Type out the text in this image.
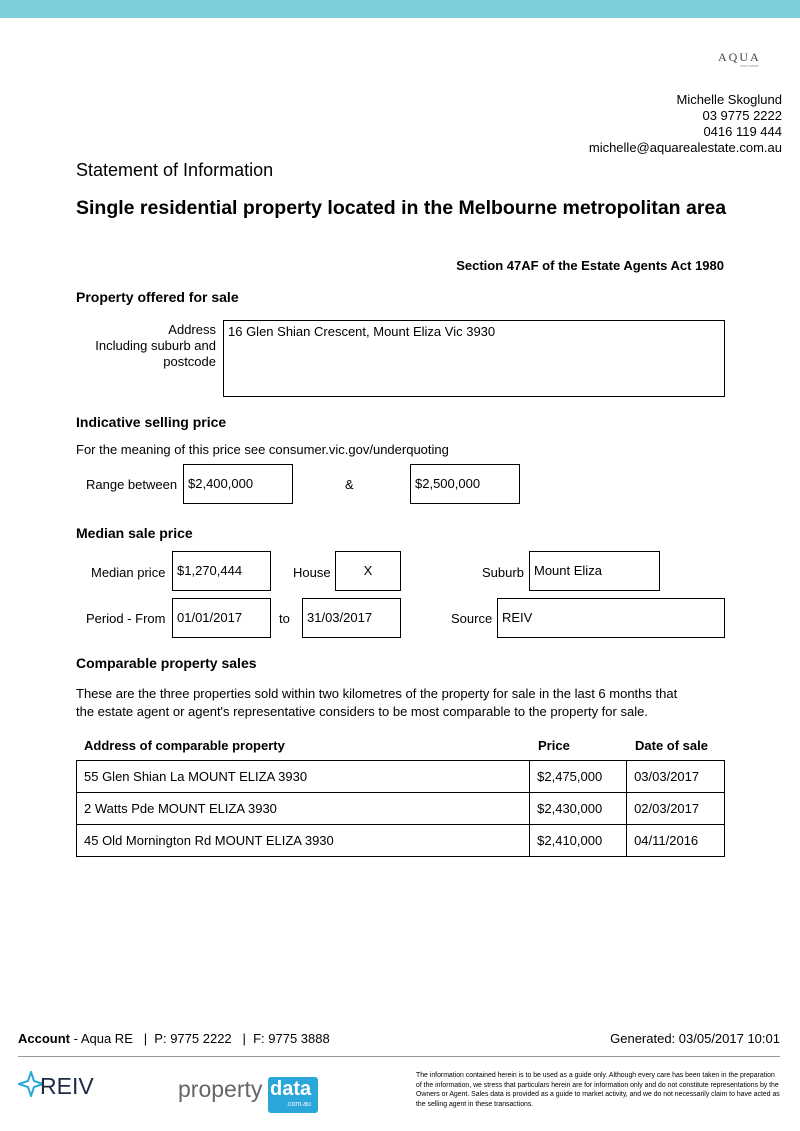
AQUA
real estate
Michelle Skoglund
03 9775 2222
0416 119 444
michelle@aquarealestate.com.au
Statement of Information
Single residential property located in the Melbourne metropolitan area
Section 47AF of the Estate Agents Act 1980
Property offered for sale
Address
Including suburb and
postcode
16 Glen Shian Crescent, Mount Eliza Vic 3930
Indicative selling price
For the meaning of this price see consumer.vic.gov/underquoting
Range between $2,400,000	&	$2,500,000
Median sale price
Median price $1,270,444	House	X	Suburb Mount Eliza
Period - From 01/01/2017	to	31/03/2017	Source REIV
Comparable property sales
These are the three properties sold within two kilometres of the property for sale in the last 6 months that
the estate agent or agent's representative considers to be most comparable to the property for sale.
Address of comparable property	Price	Date of sale
55 Glen Shian La MOUNT ELIZA 3930	$2,475,000	03/03/2017
2 Watts Pde MOUNT ELIZA 3930	$2,430,000	02/03/2017
45 Old Mornington Rd MOUNT ELIZA 3930	$2,410,000	04/11/2016
Account - Aqua RE   |  P: 9775 2222   |  F: 9775 3888	Generated: 03/05/2017 10:01
REIV	property data
.com.au
The information contained herein is to be used as a guide only. Although every care has been taken in the preparation of the information, we stress that particulars herein are for information only and do not constitute representations by the Owners or Agent. Sales data is provided as a guide to market activity, and we do not necessarily claim to have acted as the selling agent in these transactions.
